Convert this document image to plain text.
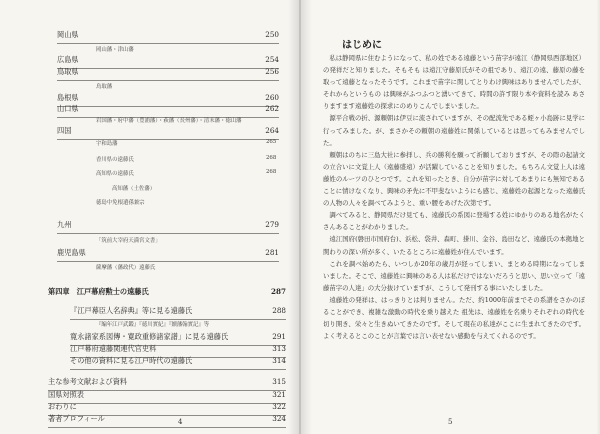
岡山県	250
岡山藩・津山藩
広島県	254
鳥取県	256
鳥取藩
島根県	260
山口県	262
岩国藩・府中藩（豊浦藩）・萩藩（長州藩）・清末藩・徳山藩
四国	264
宇和島藩	265
香川県の遠藤氏	268
高知県の遠藤氏	268
高知藩（土佐藩）
徳島中免根遺孫兼宗
九州	279
「筑前大宰府天満宮文書」
鹿児島県	281
薩摩藩（藩政代）遠藤氏
第四章　江戸幕府勲士の遠藤氏	287
『江戸幕臣人名辞典』等に見る遠藤氏	288
『編年江戸武鑑』『徳川實紀』『續藩翰實記』等
寛永諸家系図傳・寛政重修諸家譜」に見る遠藤氏	291
江戸幕府遠藤関連代官史料	313
その他の資料に見る江戸時代の遠藤氏	314
主な参考文献および資料	315
国県対照表	321
おわりに	322
著者プロフィール	324
4
はじめに

私は静岡県に住むようになって、私の姓である遠藤という苗字が遠江（静岡県西部地区）の発祥だと知りました。そもそも は遠江守藤原氏がその祖であり、遠江の遠、藤原の藤を取って遠藤となったそうです。これまで苗字に関してとりわけ興味はありませんでしたが、それからというもの は興味がふつふつと湧いてきて、時間の許す限り本や資料を読み あさりますます遠藤姓の探求にのめりこんでしまいました。

源平合戦の折、源頼朝は伊豆に流されていますが、その配流先である蛭ヶ小島跡に見学に行ってみました。が、まさかその頼朝の遠藤姓に関係しているとは思ってもみませんでした。

頼朝はのちに三島大社に参拝し、兵の勝利を願って祈願しておりますが、その際の起請文の立合いに文覚上人（遠藤盛遠）が活躍していることを知りました。もちろん文覚上人は遠藤姓のルーツのひとつです。これを知ったとき、自分が苗字に対してあまりにも無知であることに情けなくなり、興味の矛先に不甲斐ないようにも感じ、遠藤姓の起源となった遠藤氏の人物の人々を調べてみようと、重い腰をあげた次第です。

調べてみると、静岡県だけ見ても、遠藤氏の系図に登場する姓にゆかりのある地名がたくさんあることがわかりました。

遠江国府(磐田市国府台)、浜松、袋井、森町、掛川、金谷、島田など、遠藤氏の本拠地と関わりの深い所が多く、いたるところに遠藤姓が住んでいます。

これを調べ始めたら、いつしか20年の歳月が経ってしまい、まとめる時期になってしまいました。そこで、遠藤姓に興味のある人は私だけではないだろうと思い、思い立って「遠藤苗字の人達」の大分抜けていますが、こうして発刊する事にいたしました。

遠藤姓の発祥は、はっきりとは判りません。ただ、約1000年前までその系譜をさかのぼることができ、複雑な激動の時代を乗り越えた 祖先は、遠藤姓を名乗りそれぞれの時代を切り開き、栄々と生きぬいてきたのです。そして現在の私達がここに生まれてきたのです。よく考えるとこのことが言葉では言い表せない感動を与えてくれるのです。

5
